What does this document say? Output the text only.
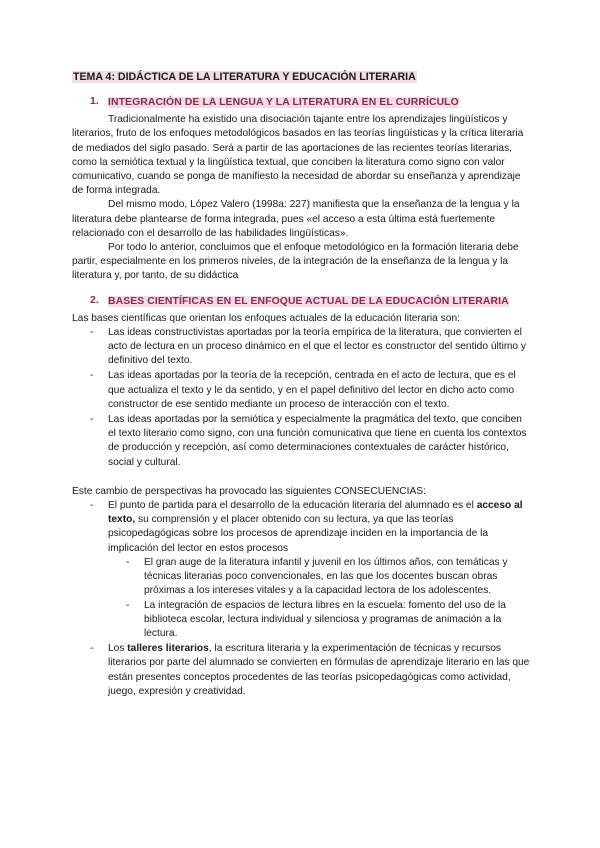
TEMA 4: DIDÁCTICA DE LA LITERATURA Y EDUCACIÓN LITERARIA
1. INTEGRACIÓN DE LA LENGUA Y LA LITERATURA EN EL CURRÍCULO

Tradicionalmente ha existido una disociación tajante entre los aprendizajes lingüísticos y literarios, fruto de los enfoques metodológicos basados en las teorías lingüísticas y la crítica literaria de mediados del siglo pasado. Será a partir de las aportaciones de las recientes teorías literarias, como la semiótica textual y la lingüística textual, que conciben la literatura como signo con valor comunicativo, cuando se ponga de manifiesto la necesidad de abordar su enseñanza y aprendizaje de forma integrada.

Del mismo modo, López Valero (1998a: 227) manifiesta que la enseñanza de la lengua y la literatura debe plantearse de forma integrada, pues «el acceso a esta última está fuertemente relacionado con el desarrollo de las habilidades lingüísticas».

Por todo lo anterior, concluimos que el enfoque metodológico en la formación literaria debe partir, especialmente en los primeros niveles, de la integración de la enseñanza de la lengua y la literatura y, por tanto, de su didáctica

2. BASES CIENTÍFICAS EN EL ENFOQUE ACTUAL DE LA EDUCACIÓN LITERARIA

Las bases científicas que orientan los enfoques actuales de la educación literaria son:

- Las ideas constructivistas aportadas por la teoría empírica de la literatura, que convierten el acto de lectura en un proceso dinámico en el que el lector es constructor del sentido último y definitivo del texto.
- Las ideas aportadas por la teoría de la recepción, centrada en el acto de lectura, que es el que actualiza el texto y le da sentido, y en el papel definitivo del lector en dicho acto como constructor de ese sentido mediante un proceso de interacción con el texto.
- Las ideas aportadas por la semiótica y especialmente la pragmática del texto, que conciben el texto literario como signo, con una función comunicativa que tiene en cuenta los contextos de producción y recepción, así como determinaciones contextuales de carácter histórico, social y cultural.

Este cambio de perspectivas ha provocado las siguientes CONSECUENCIAS:

- El punto de partida para el desarrollo de la educación literaria del alumnado es el acceso al texto, su comprensión y el placer obtenido con su lectura, ya que las teorías psicopedagógicas sobre los procesos de aprendizaje inciden en la importancia de la implicación del lector en estos procesos
- El gran auge de la literatura infantil y juvenil en los últimos años, con temáticas y técnicas literarias poco convencionales, en las que los docentes buscan obras próximas a los intereses vitales y a la capacidad lectora de los adolescentes.
- La integración de espacios de lectura libres en la escuela: fomento del uso de la biblioteca escolar, lectura individual y silenciosa y programas de animación a la lectura.
- Los talleres literarios, la escritura literaria y la experimentación de técnicas y recursos literarios por parte del alumnado se convierten en fórmulas de aprendizaje literario en las que están presentes conceptos procedentes de las teorías psicopedagógicas como actividad, juego, expresión y creatividad.
